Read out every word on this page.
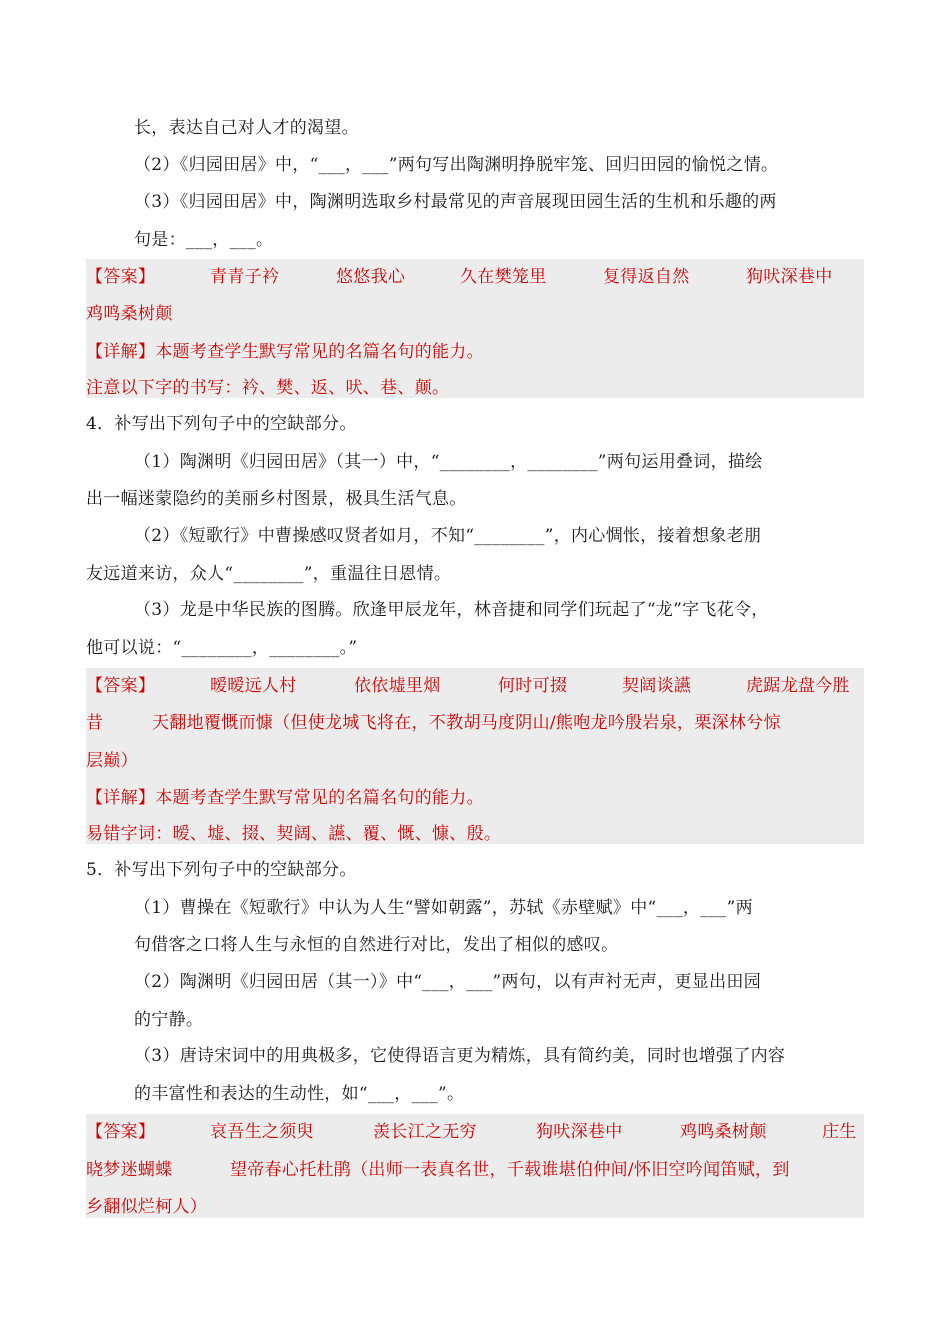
长，表达自己对人才的渴望。
（2）《归园田居》中，“___，___”两句写出陶渊明挣脱牢笼、回归田园的愉悦之情。
（3）《归园田居》中，陶渊明选取乡村最常见的声音展现田园生活的生机和乐趣的两
句是：___，___。
【答案】	青青子衿	悠悠我心	久在樊笼里	复得返自然	狗吠深巷中
鸡鸣桑树颠
【详解】本题考查学生默写常见的名篇名句的能力。
注意以下字的书写：衿、樊、返、吠、巷、颠。
4．补写出下列句子中的空缺部分。
（1）陶渊明《归园田居》（其一）中，“________，________”两句运用叠词，描绘
出一幅迷蒙隐约的美丽乡村图景，极具生活气息。
（2）《短歌行》中曹操感叹贤者如月，不知“________”，内心惆怅，接着想象老朋
友远道来访，众人“________”，重温往日恩情。
（3）龙是中华民族的图腾。欣逢甲辰龙年，林音捷和同学们玩起了“龙”字飞花令，
他可以说：“________，________。”
【答案】	暧暧远人村	依依墟里烟	何时可掇	契阔谈讌	虎踞龙盘今胜
昔	天翻地覆慨而慷（但使龙城飞将在，不教胡马度阴山/熊咆龙吟殷岩泉，栗深林兮惊
层巅）
【详解】本题考查学生默写常见的名篇名句的能力。
易错字词：暧、墟、掇、契阔、讌、覆、慨、慷、殷。
5．补写出下列句子中的空缺部分。
（1）曹操在《短歌行》中认为人生“譬如朝露”，苏轼《赤壁赋》中“___，___”两
句借客之口将人生与永恒的自然进行对比，发出了相似的感叹。
（2）陶渊明《归园田居（其一）》中“___，___”两句，以有声衬无声，更显出田园
的宁静。
（3）唐诗宋词中的用典极多，它使得语言更为精炼，具有简约美，同时也增强了内容
的丰富性和表达的生动性，如“___，___”。
【答案】	哀吾生之须臾	羡长江之无穷	狗吠深巷中	鸡鸣桑树颠	庄生
晓梦迷蝴蝶	望帝春心托杜鹃（出师一表真名世，千载谁堪伯仲间/怀旧空吟闻笛赋，到
乡翻似烂柯人）
